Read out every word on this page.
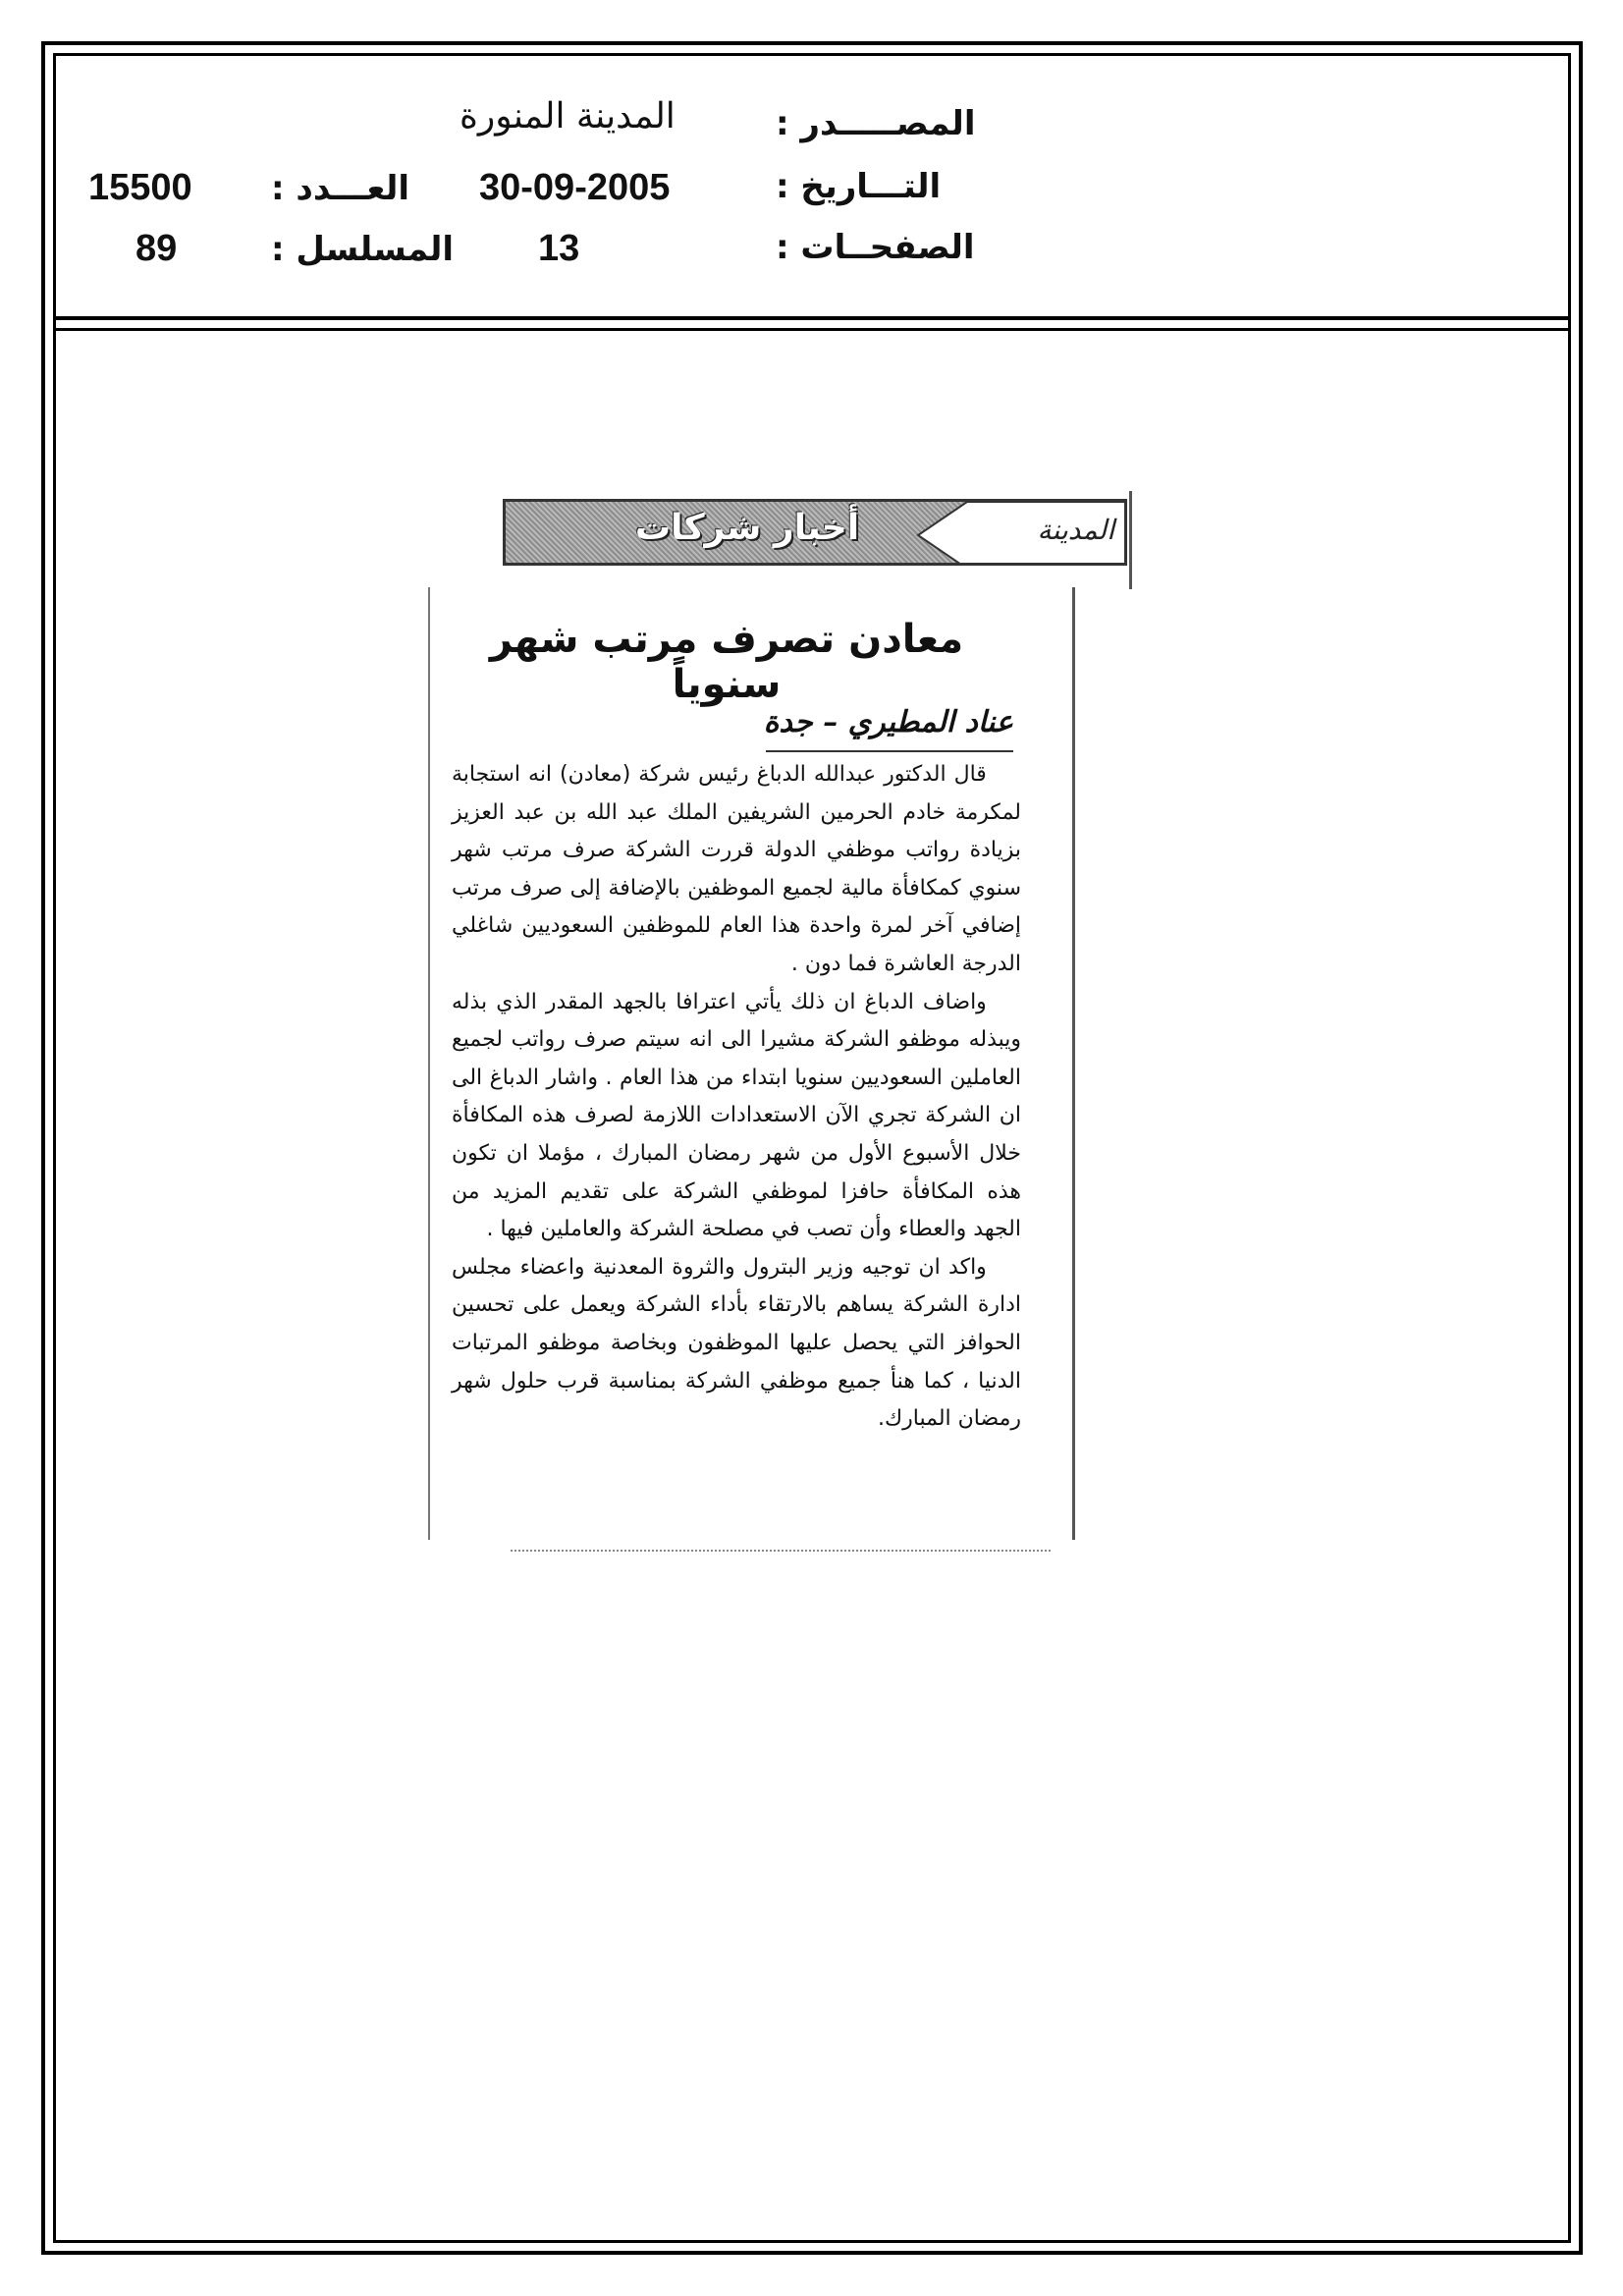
المصـــــدر :
المدينة المنورة
التـــاريخ :
30-09-2005
العـــدد :
15500
الصفحــات :
13
المسلسل :
89
أخبار شركات	المدينة
معادن تصرف مرتب شهر سنوياً
عناد المطيري – جدة

قال الدكتور عبدالله الدباغ رئيس شركة (معادن) انه استجابة لمكرمة خادم الحرمين الشريفين الملك عبد الله بن عبد العزيز بزيادة رواتب موظفي الدولة قررت الشركة صرف مرتب شهر سنوي كمكافأة مالية لجميع الموظفين بالإضافة إلى صرف مرتب إضافي آخر لمرة واحدة هذا العام للموظفين السعوديين شاغلي الدرجة العاشرة فما دون .

واضاف الدباغ ان ذلك يأتي اعترافا بالجهد المقدر الذي بذله ويبذله موظفو الشركة مشيرا الى انه سيتم صرف رواتب لجميع العاملين السعوديين سنويا ابتداء من هذا العام . واشار الدباغ الى ان الشركة تجري الآن الاستعدادات اللازمة لصرف هذه المكافأة خلال الأسبوع الأول من شهر رمضان المبارك ، مؤملا ان تكون هذه المكافأة حافزا لموظفي الشركة على تقديم المزيد من الجهد والعطاء وأن تصب في مصلحة الشركة والعاملين فيها .

واكد ان توجيه وزير البترول والثروة المعدنية واعضاء مجلس ادارة الشركة يساهم بالارتقاء بأداء الشركة ويعمل على تحسين الحوافز التي يحصل عليها الموظفون وبخاصة موظفو المرتبات الدنيا ، كما هنأ جميع موظفي الشركة بمناسبة قرب حلول شهر رمضان المبارك.
